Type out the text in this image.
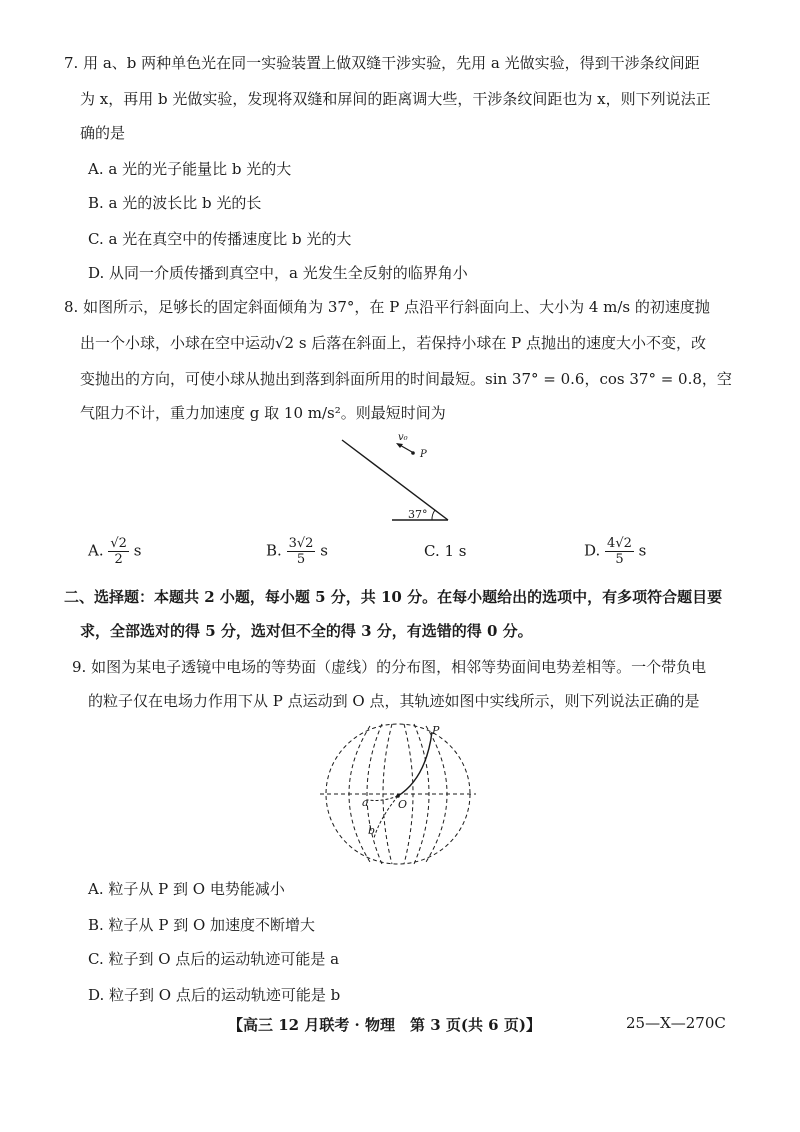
7. 用 a、b 两种单色光在同一实验装置上做双缝干涉实验，先用 a 光做实验，得到干涉条纹间距
为 x，再用 b 光做实验，发现将双缝和屏间的距离调大些，干涉条纹间距也为 x，则下列说法正
确的是
A. a 光的光子能量比 b 光的大
B. a 光的波长比 b 光的长
C. a 光在真空中的传播速度比 b 光的大
D. 从同一介质传播到真空中，a 光发生全反射的临界角小
8. 如图所示，足够长的固定斜面倾角为 37°，在 P 点沿平行斜面向上、大小为 4 m/s 的初速度抛
出一个小球，小球在空中运动√2 s 后落在斜面上，若保持小球在 P 点抛出的速度大小不变，改
变抛出的方向，可使小球从抛出到落到斜面所用的时间最短。sin 37° = 0.6，cos 37° = 0.8，空
气阻力不计，重力加速度 g 取 10 m/s²。则最短时间为
37°
v₀
P
A. $\frac{√2}{2}$ s	B. $\frac{3√2}{5}$ s	C. 1 s	D. $\frac{4√2}{5}$ s
二、选择题：本题共 2 小题，每小题 5 分，共 10 分。在每小题给出的选项中，有多项符合题目要
求，全部选对的得 5 分，选对但不全的得 3 分，有选错的得 0 分。
9. 如图为某电子透镜中电场的等势面（虚线）的分布图，相邻等势面间电势差相等。一个带负电
的粒子仅在电场力作用下从 P 点运动到 O 点，其轨迹如图中实线所示，则下列说法正确的是
P
O
a
b
A. 粒子从 P 到 O 电势能减小
B. 粒子从 P 到 O 加速度不断增大
C. 粒子到 O 点后的运动轨迹可能是 a
D. 粒子到 O 点后的运动轨迹可能是 b
【高三 12 月联考 · 物理　第 3 页(共 6 页)】	25—X—270C
